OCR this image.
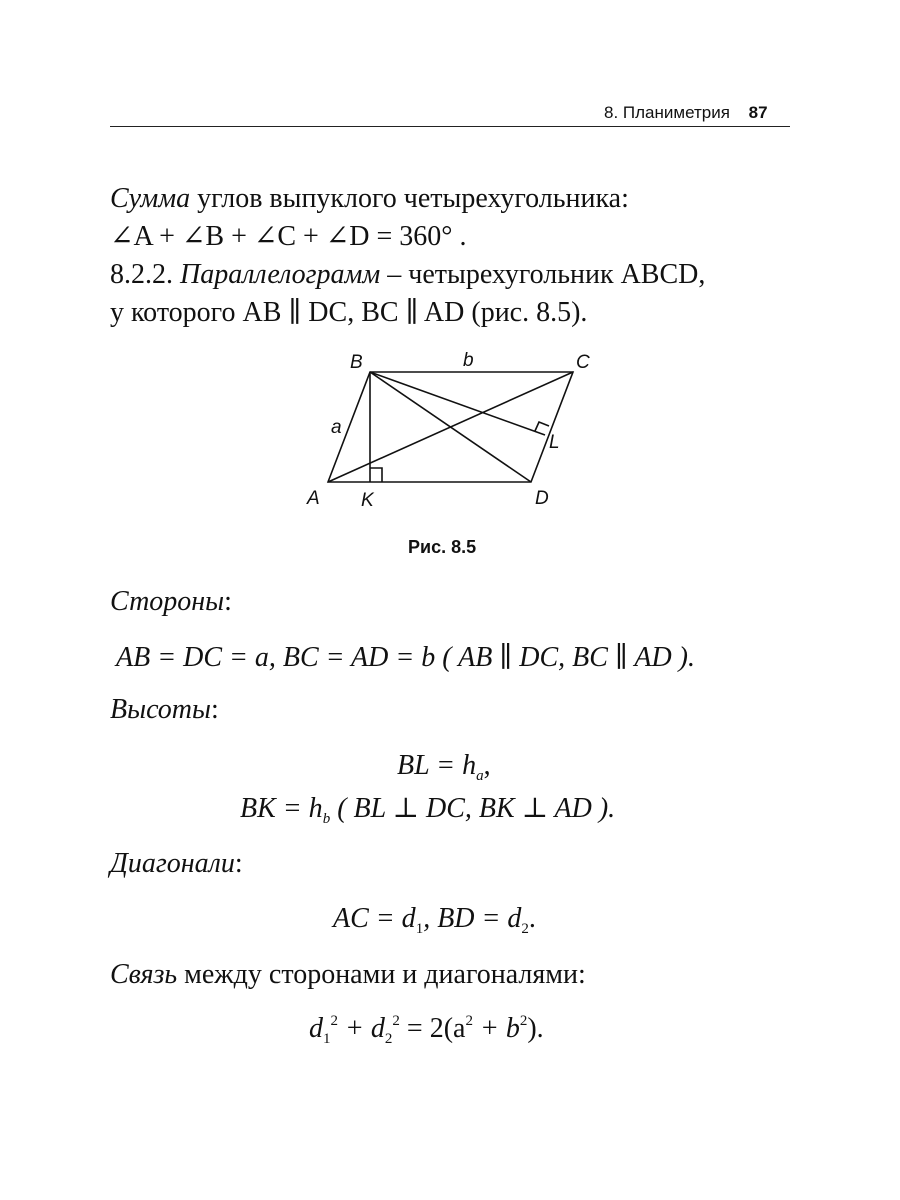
8. Планиметрия 87
Сумма углов выпуклого четырехугольника:
∠A + ∠B + ∠C + ∠D = 360° .
8.2.2. Параллелограмм – четырехугольник ABCD,
у которого AB ∥ DC, BC ∥ AD (рис. 8.5).
B	b	C
a
L
A K	D
Рис. 8.5
Стороны:
AB = DC = a, BC = AD = b ( AB ∥ DC, BC ∥ AD ).
Высоты:
BL = $h_a$,
BK = $h_b$ ( BL ⊥ DC, BK ⊥ AD ).
Диагонали:
AC = $d_1$, BD = $d_2$.
Связь между сторонами и диагоналями:
$d_1^2 + d_2^2 = 2(a^2 + b^2)$.
